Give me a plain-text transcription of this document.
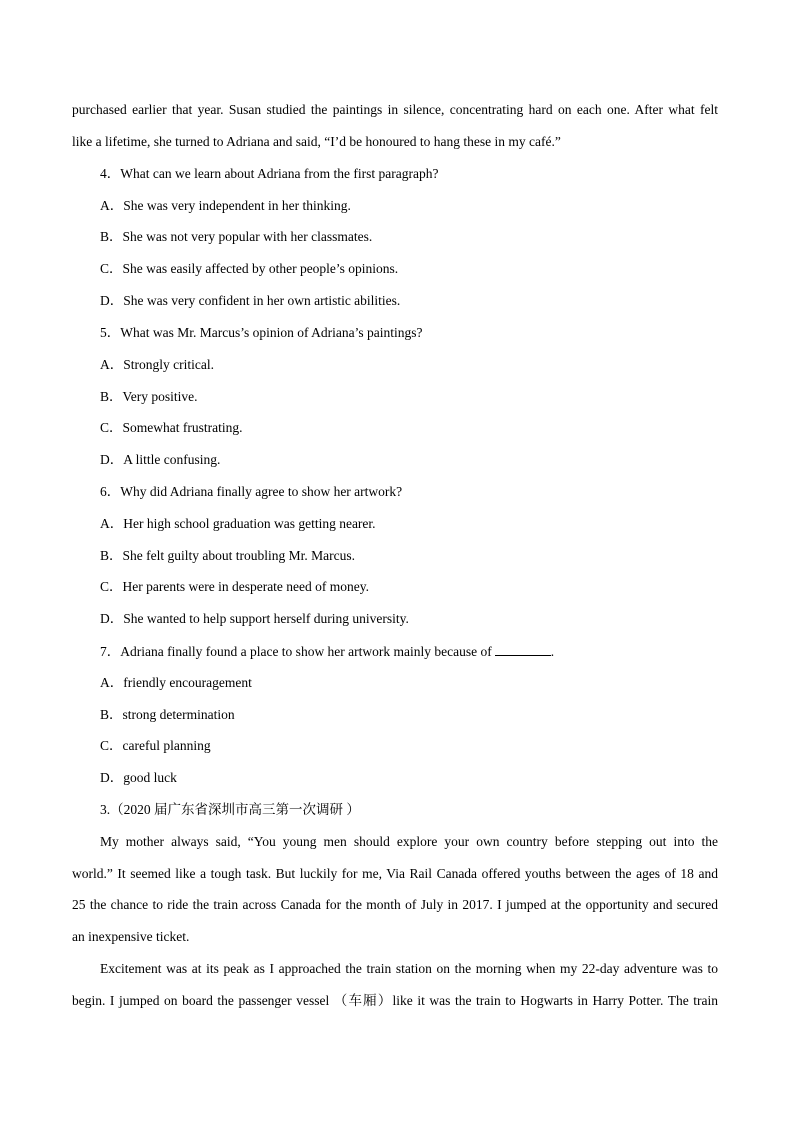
purchased earlier that year. Susan studied the paintings in silence, concentrating hard on each one. After what felt
like a lifetime, she turned to Adriana and said, “I’d be honoured to hang these in my café.”
4．What can we learn about Adriana from the first paragraph?
A．She was very independent in her thinking.
B．She was not very popular with her classmates.
C．She was easily affected by other people’s opinions.
D．She was very confident in her own artistic abilities.
5．What was Mr. Marcus’s opinion of Adriana’s paintings?
A．Strongly critical.
B．Very positive.
C．Somewhat frustrating.
D．A little confusing.
6．Why did Adriana finally agree to show her artwork?
A．Her high school graduation was getting nearer.
B．She felt guilty about troubling Mr. Marcus.
C．Her parents were in desperate need of money.
D．She wanted to help support herself during university.
7．Adriana finally found a place to show her artwork mainly because of	.
A．friendly encouragement
B．strong determination
C．careful planning
D．good luck
3.（2020 届广东省深圳市高三第一次调研 ）
My mother always said, “You young men should explore your own country before stepping out into the
world.” It seemed like a tough task. But luckily for me, Via Rail Canada offered youths between the ages of 18 and
25 the chance to ride the train across Canada for the month of July in 2017. I jumped at the opportunity and secured
an inexpensive ticket.
Excitement was at its peak as I approached the train station on the morning when my 22-day adventure was to
begin. I jumped on board the passenger vessel （车厢）like it was the train to Hogwarts in Harry Potter. The train
